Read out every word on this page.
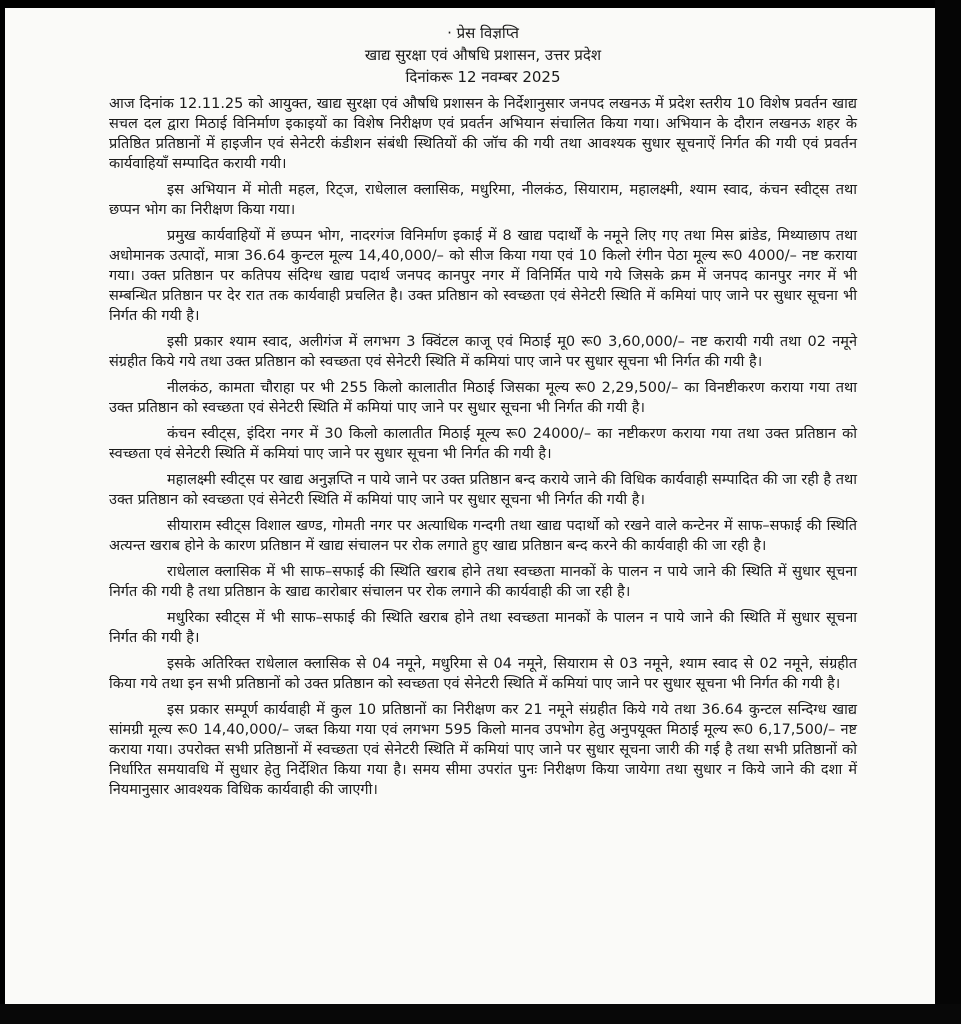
· प्रेस विज्ञप्ति
खाद्य सुरक्षा एवं औषधि प्रशासन, उत्तर प्रदेश
दिनांकरू 12 नवम्बर 2025

आज दिनांक 12.11.25 को आयुक्त, खाद्य सुरक्षा एवं औषधि प्रशासन के निर्देशानुसार जनपद लखनऊ में प्रदेश स्तरीय 10 विशेष प्रवर्तन खाद्य सचल दल द्वारा मिठाई विनिर्माण इकाइयों का विशेष निरीक्षण एवं प्रवर्तन अभियान संचालित किया गया। अभियान के दौरान लखनऊ शहर के प्रतिष्ठित प्रतिष्ठानों में हाइजीन एवं सेनेटरी कंडीशन संबंधी स्थितियों की जॉच की गयी तथा आवश्यक सुधार सूचनाऐं निर्गत की गयी एवं प्रवर्तन कार्यवाहियाँ सम्पादित करायी गयी।

इस अभियान में मोती महल, रिट्ज, राधेलाल क्लासिक, मधुरिमा, नीलकंठ, सियाराम, महालक्ष्मी, श्याम स्वाद, कंचन स्वीट्स तथा छप्पन भोग का निरीक्षण किया गया।

प्रमुख कार्यवाहियों में छप्पन भोग, नादरगंज विनिर्माण इकाई में 8 खाद्य पदार्थों के नमूने लिए गए तथा मिस ब्रांडेड, मिथ्याछाप तथा अधोमानक उत्पादों, मात्रा 36.64 कुन्टल मूल्य 14,40,000/– को सीज किया गया एवं 10 किलो रंगीन पेठा मूल्य रू0 4000/– नष्ट कराया गया। उक्त प्रतिष्ठान पर कतिपय संदिग्ध खाद्य पदार्थ जनपद कानपुर नगर में विनिर्मित पाये गये जिसके क्रम में जनपद कानपुर नगर में भी सम्बन्धित प्रतिष्ठान पर देर रात तक कार्यवाही प्रचलित है। उक्त प्रतिष्ठान को स्वच्छता एवं सेनेटरी स्थिति में कमियां पाए जाने पर सुधार सूचना भी निर्गत की गयी है।

इसी प्रकार श्याम स्वाद, अलीगंज में लगभग 3 क्विंटल काजू एवं मिठाई मू0 रू0 3,60,000/– नष्ट करायी गयी तथा 02 नमूने संग्रहीत किये गये तथा उक्त प्रतिष्ठान को स्वच्छता एवं सेनेटरी स्थिति में कमियां पाए जाने पर सुधार सूचना भी निर्गत की गयी है।

नीलकंठ, कामता चौराहा पर भी 255 किलो कालातीत मिठाई जिसका मूल्य रू0 2,29,500/– का विनष्टीकरण कराया गया तथा उक्त प्रतिष्ठान को स्वच्छता एवं सेनेटरी स्थिति में कमियां पाए जाने पर सुधार सूचना भी निर्गत की गयी है।

कंचन स्वीट्स, इंदिरा नगर में 30 किलो कालातीत मिठाई मूल्य रू0 24000/– का नष्टीकरण कराया गया तथा उक्त प्रतिष्ठान को स्वच्छता एवं सेनेटरी स्थिति में कमियां पाए जाने पर सुधार सूचना भी निर्गत की गयी है।

महालक्ष्मी स्वीट्स पर खाद्य अनुज्ञप्ति न पाये जाने पर उक्त प्रतिष्ठान बन्द कराये जाने की विधिक कार्यवाही सम्पादित की जा रही है तथा उक्त प्रतिष्ठान को स्वच्छता एवं सेनेटरी स्थिति में कमियां पाए जाने पर सुधार सूचना भी निर्गत की गयी है।

सीयाराम स्वीट्स विशाल खण्ड, गोमती नगर पर अत्याधिक गन्दगी तथा खाद्य पदार्थो को रखने वाले कन्टेनर में साफ–सफाई की स्थिति अत्यन्त खराब होने के कारण प्रतिष्ठान में खाद्य संचालन पर रोक लगाते हुए खाद्य प्रतिष्ठान बन्द करने की कार्यवाही की जा रही है।

राधेलाल क्लासिक में भी साफ–सफाई की स्थिति खराब होने तथा स्वच्छता मानकों के पालन न पाये जाने की स्थिति में सुधार सूचना निर्गत की गयी है तथा प्रतिष्ठान के खाद्य कारोबार संचालन पर रोक लगाने की कार्यवाही की जा रही है।

मधुरिका स्वीट्स में भी साफ–सफाई की स्थिति खराब होने तथा स्वच्छता मानकों के पालन न पाये जाने की स्थिति में सुधार सूचना निर्गत की गयी है।

इसके अतिरिक्त राधेलाल क्लासिक से 04 नमूने, मधुरिमा से 04 नमूने, सियाराम से 03 नमूने, श्याम स्वाद से 02 नमूने, संग्रहीत किया गये तथा इन सभी प्रतिष्ठानों को उक्त प्रतिष्ठान को स्वच्छता एवं सेनेटरी स्थिति में कमियां पाए जाने पर सुधार सूचना भी निर्गत की गयी है।

इस प्रकार सम्पूर्ण कार्यवाही में कुल 10 प्रतिष्ठानों का निरीक्षण कर 21 नमूने संग्रहीत किये गये तथा 36.64 कुन्टल सन्दिग्ध खाद्य सांमग्री मूल्य रू0 14,40,000/– जब्त किया गया एवं लगभग 595 किलो मानव उपभोग हेतु अनुपयूक्त मिठाई मूल्य रू0 6,17,500/– नष्ट कराया गया। उपरोक्त सभी प्रतिष्ठानों में स्वच्छता एवं सेनेटरी स्थिति में कमियां पाए जाने पर सुधार सूचना जारी की गई है तथा सभी प्रतिष्ठानों को निर्धारित समयावधि में सुधार हेतु निर्देशित किया गया है। समय सीमा उपरांत पुनः निरीक्षण किया जायेगा तथा सुधार न किये जाने की दशा में नियमानुसार आवश्यक विधिक कार्यवाही की जाएगी।
